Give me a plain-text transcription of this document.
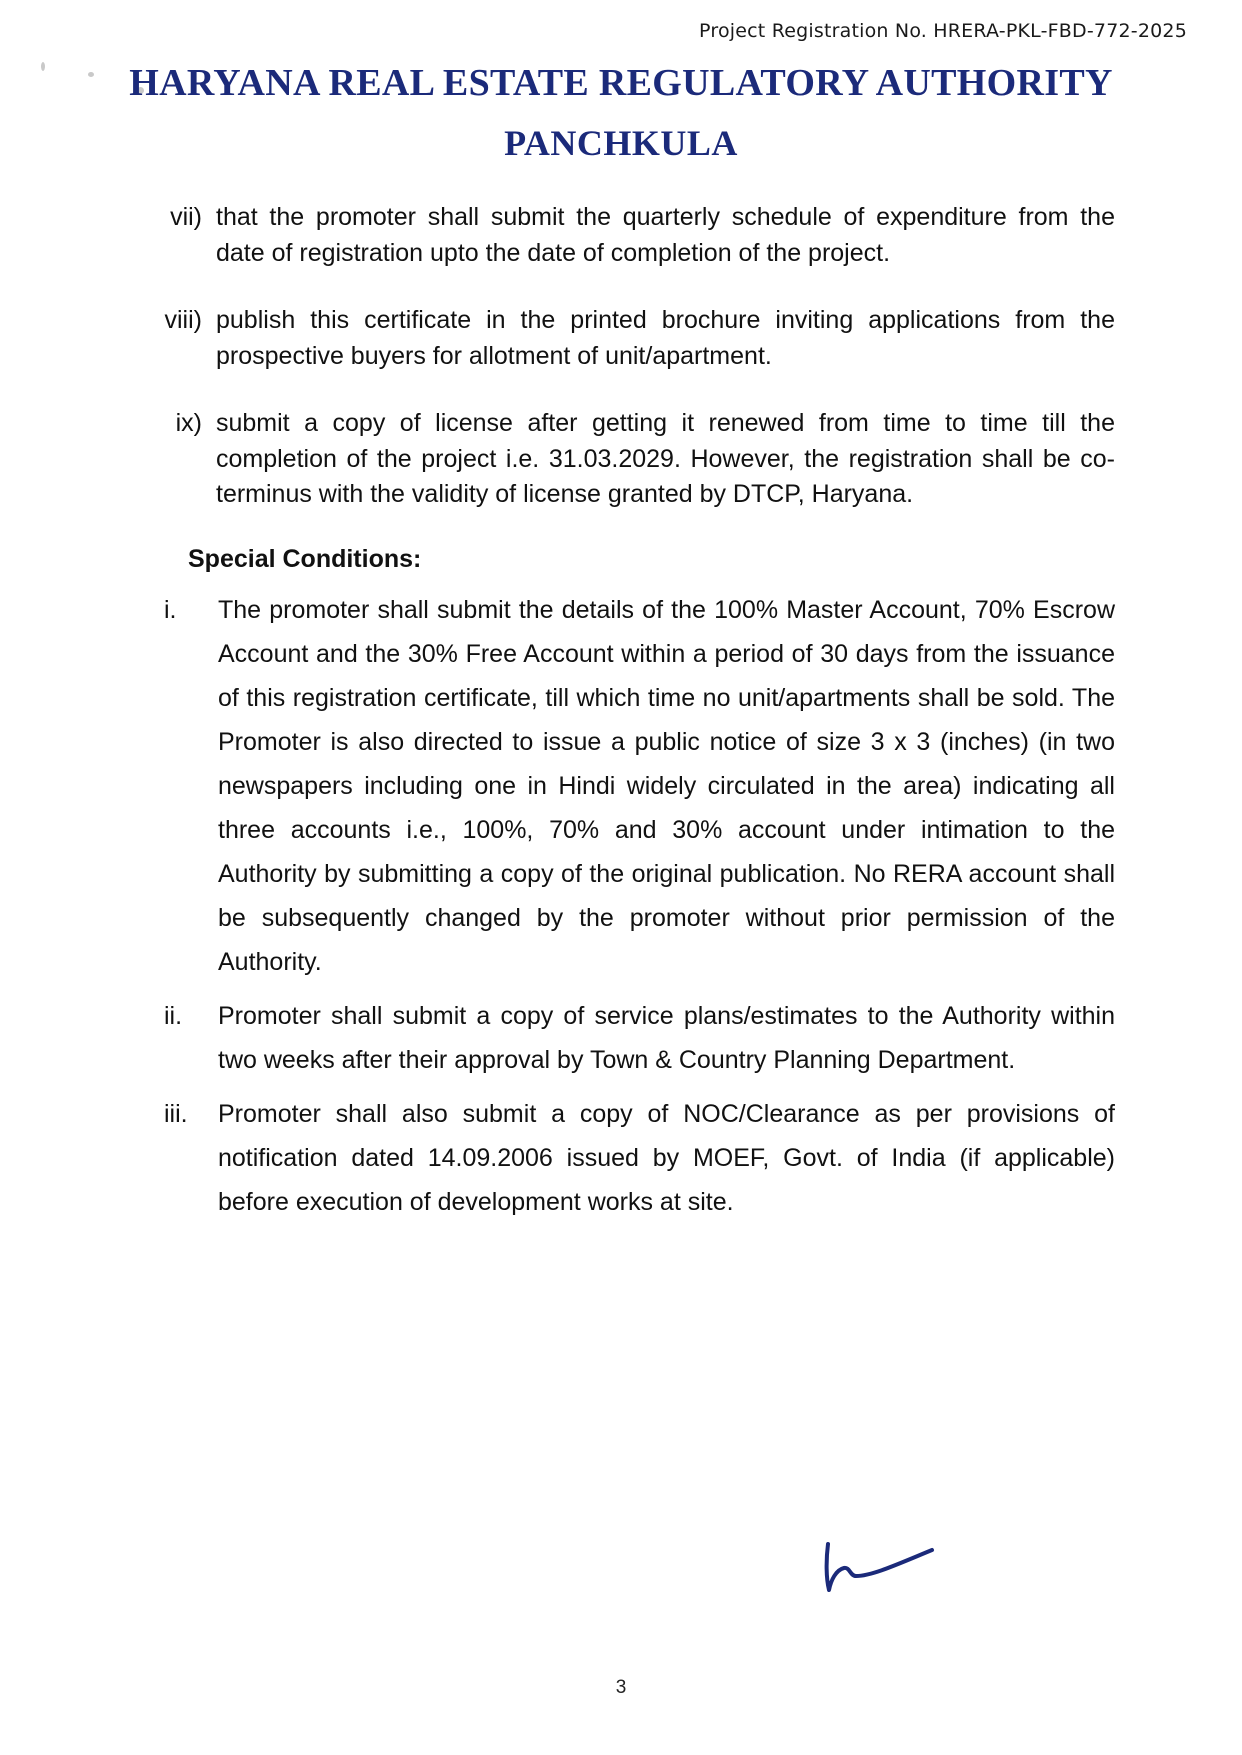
Project Registration No. HRERA-PKL-FBD-772-2025
HARYANA REAL ESTATE REGULATORY AUTHORITY
PANCHKULA
vii) that the promoter shall submit the quarterly schedule of expenditure from the date of registration upto the date of completion of the project.
viii) publish this certificate in the printed brochure inviting applications from the prospective buyers for allotment of unit/apartment.
ix) submit a copy of license after getting it renewed from time to time till the completion of the project i.e. 31.03.2029. However, the registration shall be co-terminus with the validity of license granted by DTCP, Haryana.
Special Conditions:
i.	The promoter shall submit the details of the 100% Master Account, 70% Escrow Account and the 30% Free Account within a period of 30 days from the issuance of this registration certificate, till which time no unit/apartments shall be sold. The Promoter is also directed to issue a public notice of size 3 x 3 (inches) (in two newspapers including one in Hindi widely circulated in the area) indicating all three accounts i.e., 100%, 70% and 30% account under intimation to the Authority by submitting a copy of the original publication. No RERA account shall be subsequently changed by the promoter without prior permission of the Authority.
ii.	Promoter shall submit a copy of service plans/estimates to the Authority within two weeks after their approval by Town & Country Planning Department.
iii.	Promoter shall also submit a copy of NOC/Clearance as per provisions of notification dated 14.09.2006 issued by MOEF, Govt. of India (if applicable) before execution of development works at site.
3
